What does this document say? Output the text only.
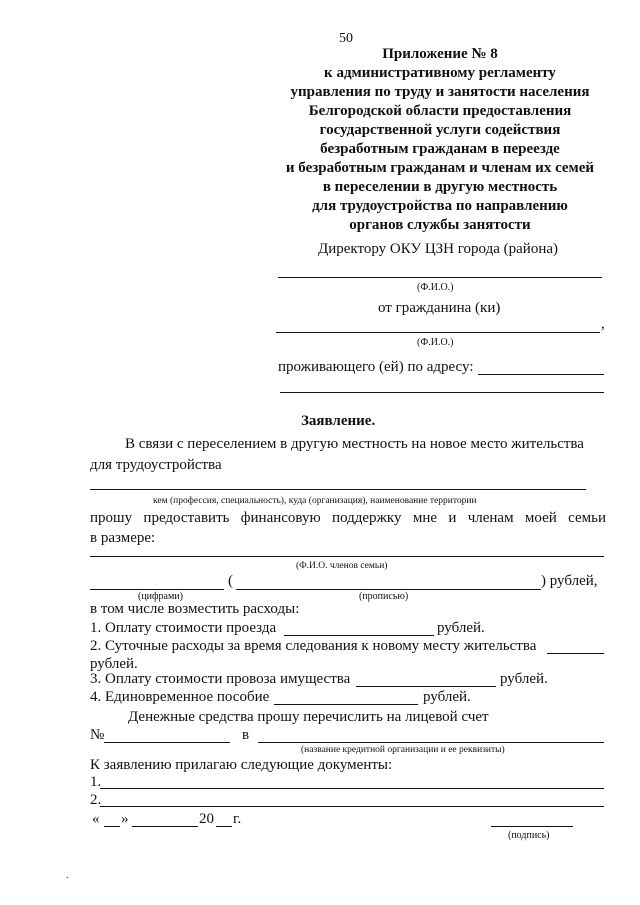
50
Приложение № 8
к административному регламенту
управления по труду и занятости населения
Белгородской области предоставления
государственной услуги содействия
безработным гражданам в переезде
и безработным гражданам и членам их семей
в переселении в другую местность
для трудоустройства по направлению
органов службы занятости
Директору ОКУ ЦЗН города (района)
(Ф.И.О.)
от гражданина (ки)
,
(Ф.И.О.)
проживающего (ей) по адресу:
Заявление.
В связи с переселением в другую местность на новое место жительства
для трудоустройства
кем (профессия, специальность), куда (организация), наименование территории
прошу предоставить финансовую поддержку мне и членам моей семьи
в размере:
(Ф.И.О. членов семьи)
(	) рублей,
(цифрами)	(прописью)
в том числе возместить расходы:
1. Оплату стоимости проезда	рублей.
2. Суточные расходы за время следования к новому месту жительства
рублей.
3. Оплату стоимости провоза имущества	рублей.
4. Единовременное пособие	рублей.
Денежные средства прошу перечислить на лицевой счет
№	в
(название кредитной организации и ее реквизиты)
К заявлению прилагаю следующие документы:
1.
2.
« »	20 г.
(подпись)
.
